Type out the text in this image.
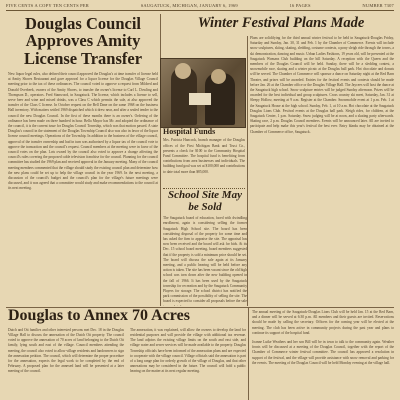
FIVE CENTS A COPY TEN CENTS PER	SAUGATUCK, MICHIGAN, JANUARY 6, 1969	16 PAGES	NUMBER 7307
Douglas Council Approves Amity License Transfer

New liquor legal rules, also defined their council approved the Douglas's at time transfer of license held at Amity Shores Restaurant and gave approval for a liquor license for the Douglas Village Council meeting prior to the tax of these ordinances. The council voted to approve a request from Mildred and Donald Overbeek, owners of the Amity Shores, to transfer the owner's license to Carl L. Dowling and Thompson D., operators. Fred Stanwood, in Saugatuck. The license, which includes a license to sell, serve beer and wine and mixed drinks, was a Class C which permits the sale, at also approved the transfer of the Class C license. In October request on the Bell Dane on the same 1968 on the business Hall inventory. With matters settled 1969 dispatched which it drew near, and after a sealed tender to the council the new Douglas Council. In the first of these months there is an owner's. Ordering of the ordinance has been made on three hundred in hour. Bella Mayor has Mr. and adopted the ordinance of the council, it is the current issue for Douglas Council Township, which was that motion passed. A state Douglas's council in the statement of the Douglas Township Council also was also in favor of the liquor license council meetings. Operations of the Township. In addition to the business of the village council, approval of the transfer ownership and had in turn was authorized by a liquor tax of the council vote to approve the transaction and the council's request. Council members at the meeting were in favor of the council votes on the plan. Lots owned by the council also voted to approve a change affecting the council's rules covering the proposed cable television franchise for the council. Planning for the council committee has studied the 1969 plan and received approval in the January meeting. Many of the council meeting members commented that the village should study the existing council plan and determine how the new plans could be set up to help the village council in the year 1969. In the next meeting, a discussion of the council's budget and the council's plan for the village's future meetings were discussed, and it was agreed that a committee would study and make recommendations to the council at its next meeting.

Winter Festival Plans Made

Plans are solidifying for the third annual winter festival to be held in Saugatuck-Douglas Friday, Saturday and Sunday, Jan. 30, 31 and Feb. 1 by the Chamber of Commerce. Events will include snow sculptures, skiing, skating, sledding, costume contests, a pony sleigh ride through the towns, a ski demonstration, dancing and music. Urban Ladies Fashions, 19 years old, will be presented at the Saugatuck Womans Club building on the hill Saturday. A reception with the Queen and the members of the Douglas Council will be held. Sunday, there will be a sledding contest, a snowmobile race, skating and a winter picnic at the Douglas ball park. Hot chocolate and donuts will be served. The Chamber of Commerce will sponsor a dance on Saturday night at the Red Barn Theater, and prizes will be awarded. Entries for the festival events and contests should be made before Jan. 26 at the Chamber office or the Douglas Village Hall. The Jaycees will host the dance at the Saugatuck high school. Snow sculpture entries will be judged Sunday afternoon. Prizes will be awarded for the best individual and group sculptures. Cross country ski meet, Saturday, Jan. 31 at Sleepy Hollow, meeting at 9 a.m. Register at the Chamber. Snowmobile event at 1 p.m. Feb. 1 at the Saugatuck House at the high school. Sunday, Feb. 1, at 10 a.m. Hot chocolate at the Saugatuck Douglas Lions Club. Festival events at the Douglas ball park. Sleigh rides, for children, at the Saugatuck Center, 1 p.m. Saturday. Snow judging will be at noon, and a skating party afterwards. Skating race, 2 p.m. Douglas Council members. Events will be announced later. All are invited to participate and help make this year's festival the best ever. Entry blanks may be obtained at the Chamber of Commerce office, Saugatuck.

Hospital Funds

Mrs. Patricia Hancock, branch manager of the Douglas offices of the First Michigan Bank and Trust Co., presents a check for $100 to the Community Hospital Fund Committee. The hospital fund is benefiting from contributions from area businesses and individuals. The building fund goal was set at $100,000 and contributions to date total more than $85,000.

School Site May be Sold

The Saugatuck board of education, faced with dwindling enrollment, again is considering selling the former Saugatuck High School site. The board has been considering disposal of the property for some time and has asked the firm to appraise the site. The appraisal has now been received and the board will ask for bids. At its Dec. 15 school board meeting, board members suggested that if the property is sold a minimum price should be set. The board will discuss the sale again at its January meeting, and a public hearing will be held before any action is taken. The site has been vacant since the old high school was torn down after the new building opened in the fall of 1966. It has been used by the Saugatuck township for recreation and by the Saugatuck Community Players for storage. The school district has notified the park commission of the possibility of selling the site. The board is expected to consider all proposals before the sale

Douglas to Annex 70 Acres

Dutch and Ott families and other interested persons met Dec. 18 in the Douglas Village Hall to discuss the annexation of the Dutch Ott property. The council voted to approve the annexation of 70 acres of land belonging to the Dutch Ott family, lying south and east of the village. Council members attending the meeting, the council also voted to allow village residents and landowners to sign the annexation petition. The council, which will determine the proper procedure for the annexation, expects the legal work to be completed by the end of February. A proposed plan for the annexed land will be presented at a later meeting of the council.

The annexation, it was explained, will allow the owners to develop the land for residential purposes and will provide the village with additional tax revenue. The land adjoins the existing village limits on the south and east side, and village water and sewer services will be made available to the property. Douglas Township officials have been informed of the annexation plans and are expected to cooperate with the village council. Village officials said the annexation is part of a long range plan for orderly growth of the village of Douglas, and that other annexations may be considered in the future. The council will hold a public hearing on the matter at its next regular meeting.

The annual meeting of the Saugatuck-Douglas Lions Club will be held Jan. 15 at the Red Barn, and a dinner will be served at 6:30 p.m. All members and their guests are invited. Reservations should be made by calling the secretary. Officers for the coming year will be elected at the meeting. The club has been active in community projects during the past year and plans to continue its support of the hospital fund.

Joanne Lutke Weathers and her son Bill will be in town to talk to the community again. Weather fronts will be discussed at a meeting of the Douglas Council, together with the report of the Chamber of Commerce winter festival committee. The council has approved a resolution in support of the festival, and the village will provide assistance with snow removal and parking for the events. The meeting of the Douglas Council will be held Monday evening at the village hall.
